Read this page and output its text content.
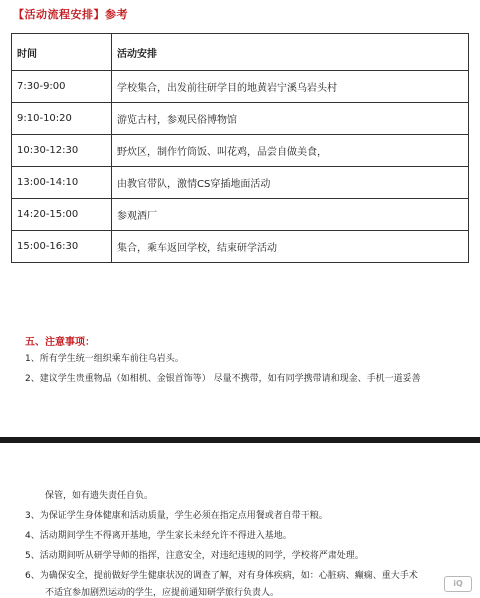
【活动流程安排】参考
时间	活动安排
7:30-9:00	学校集合，出发前往研学目的地黄岩宁溪乌岩头村
9:10-10:20	游览古村，参观民俗博物馆
10:30-12:30	野炊区，制作竹筒饭、叫花鸡，品尝自做美食，
13:00-14:10	由教官带队，激情CS穿插地面活动
14:20-15:00	参观酒厂
15:00-16:30	集合，乘车返回学校，结束研学活动
五、注意事项：
1、所有学生统一组织乘车前往乌岩头。
2、建议学生贵重物品（如相机、金银首饰等） 尽量不携带，如有同学携带请和现金、手机一道妥善
保管，如有遗失责任自负。
3、为保证学生身体健康和活动质量，学生必须在指定点用餐或者自带干粮。
4、活动期间学生不得离开基地，学生家长未经允许不得进入基地。
5、活动期间听从研学导师的指挥，注意安全，对违纪违规的同学，学校将严肃处理。
6、为确保安全，提前做好学生健康状况的调查了解，对有身体疾病，如：心脏病、癫痫、重大手术
不适宜参加剧烈运动的学生，应提前通知研学旅行负责人。
iQ
